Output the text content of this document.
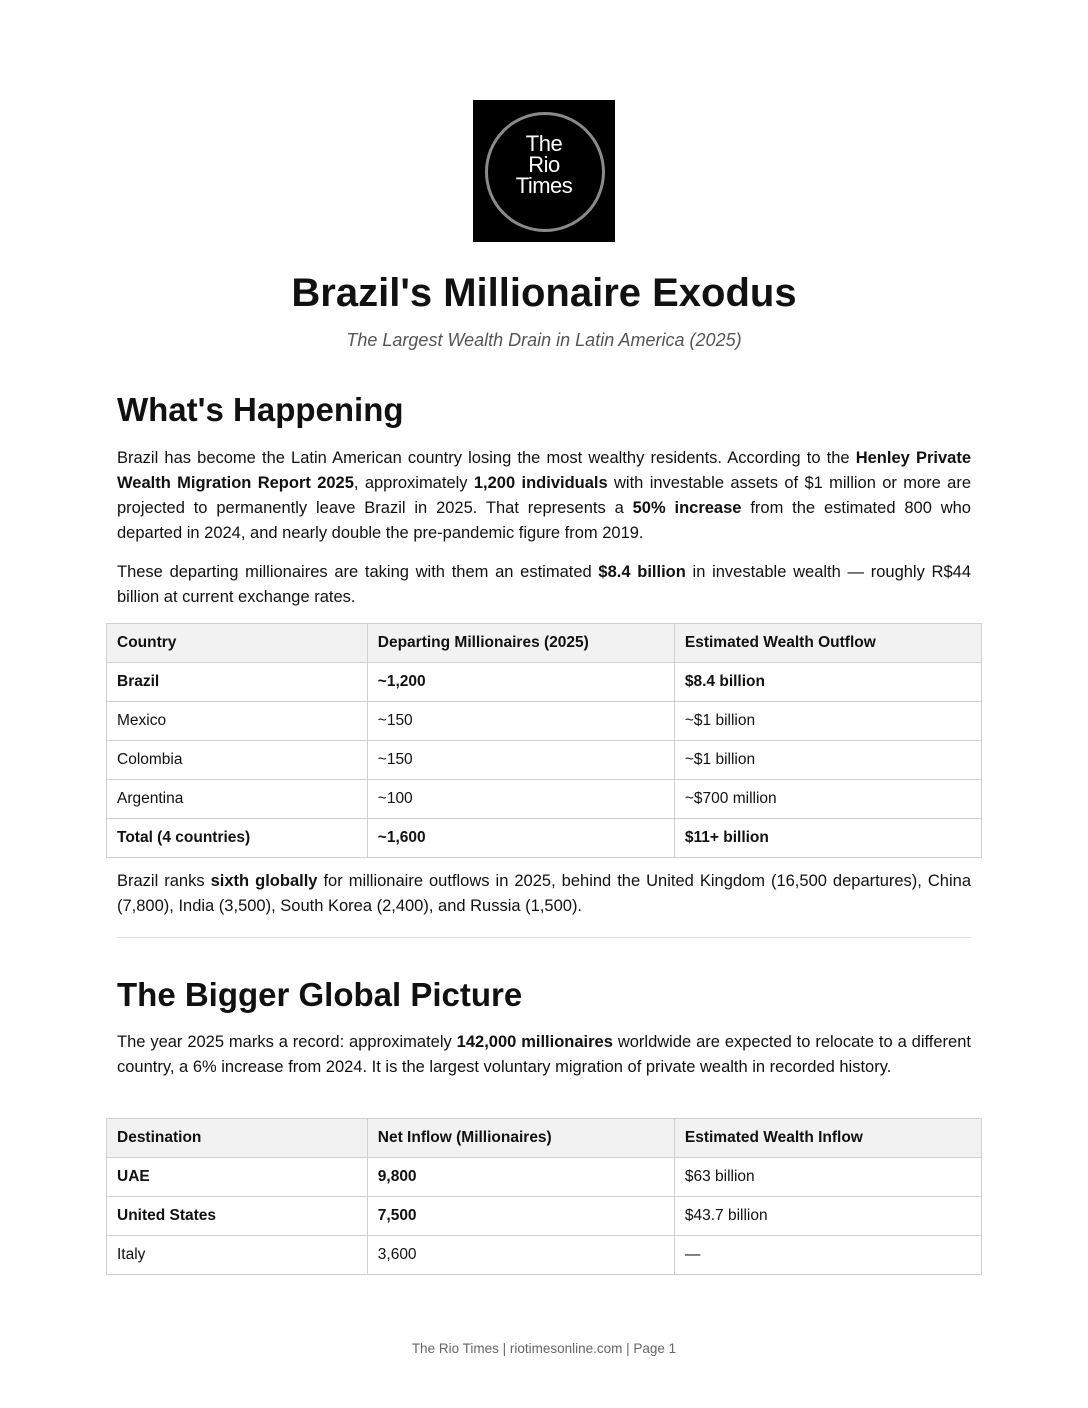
The
Rio
Times
Brazil's Millionaire Exodus

The Largest Wealth Drain in Latin America (2025)

What's Happening

Brazil has become the Latin American country losing the most wealthy residents. According to the Henley Private Wealth Migration Report 2025, approximately 1,200 individuals with investable assets of $1 million or more are projected to permanently leave Brazil in 2025. That represents a 50% increase from the estimated 800 who departed in 2024, and nearly double the pre-pandemic figure from 2019.

These departing millionaires are taking with them an estimated $8.4 billion in investable wealth — roughly R$44 billion at current exchange rates.

Country	Departing Millionaires (2025)	Estimated Wealth Outflow
Brazil	~1,200	$8.4 billion
Mexico	~150	~$1 billion
Colombia	~150	~$1 billion
Argentina	~100	~$700 million
Total (4 countries)	~1,600	$11+ billion

Brazil ranks sixth globally for millionaire outflows in 2025, behind the United Kingdom (16,500 departures), China (7,800), India (3,500), South Korea (2,400), and Russia (1,500).

The Bigger Global Picture

The year 2025 marks a record: approximately 142,000 millionaires worldwide are expected to relocate to a different country, a 6% increase from 2024. It is the largest voluntary migration of private wealth in recorded history.

Destination	Net Inflow (Millionaires)	Estimated Wealth Inflow
UAE	9,800	$63 billion
United States	7,500	$43.7 billion
Italy	3,600	—
The Rio Times | riotimesonline.com | Page 1
